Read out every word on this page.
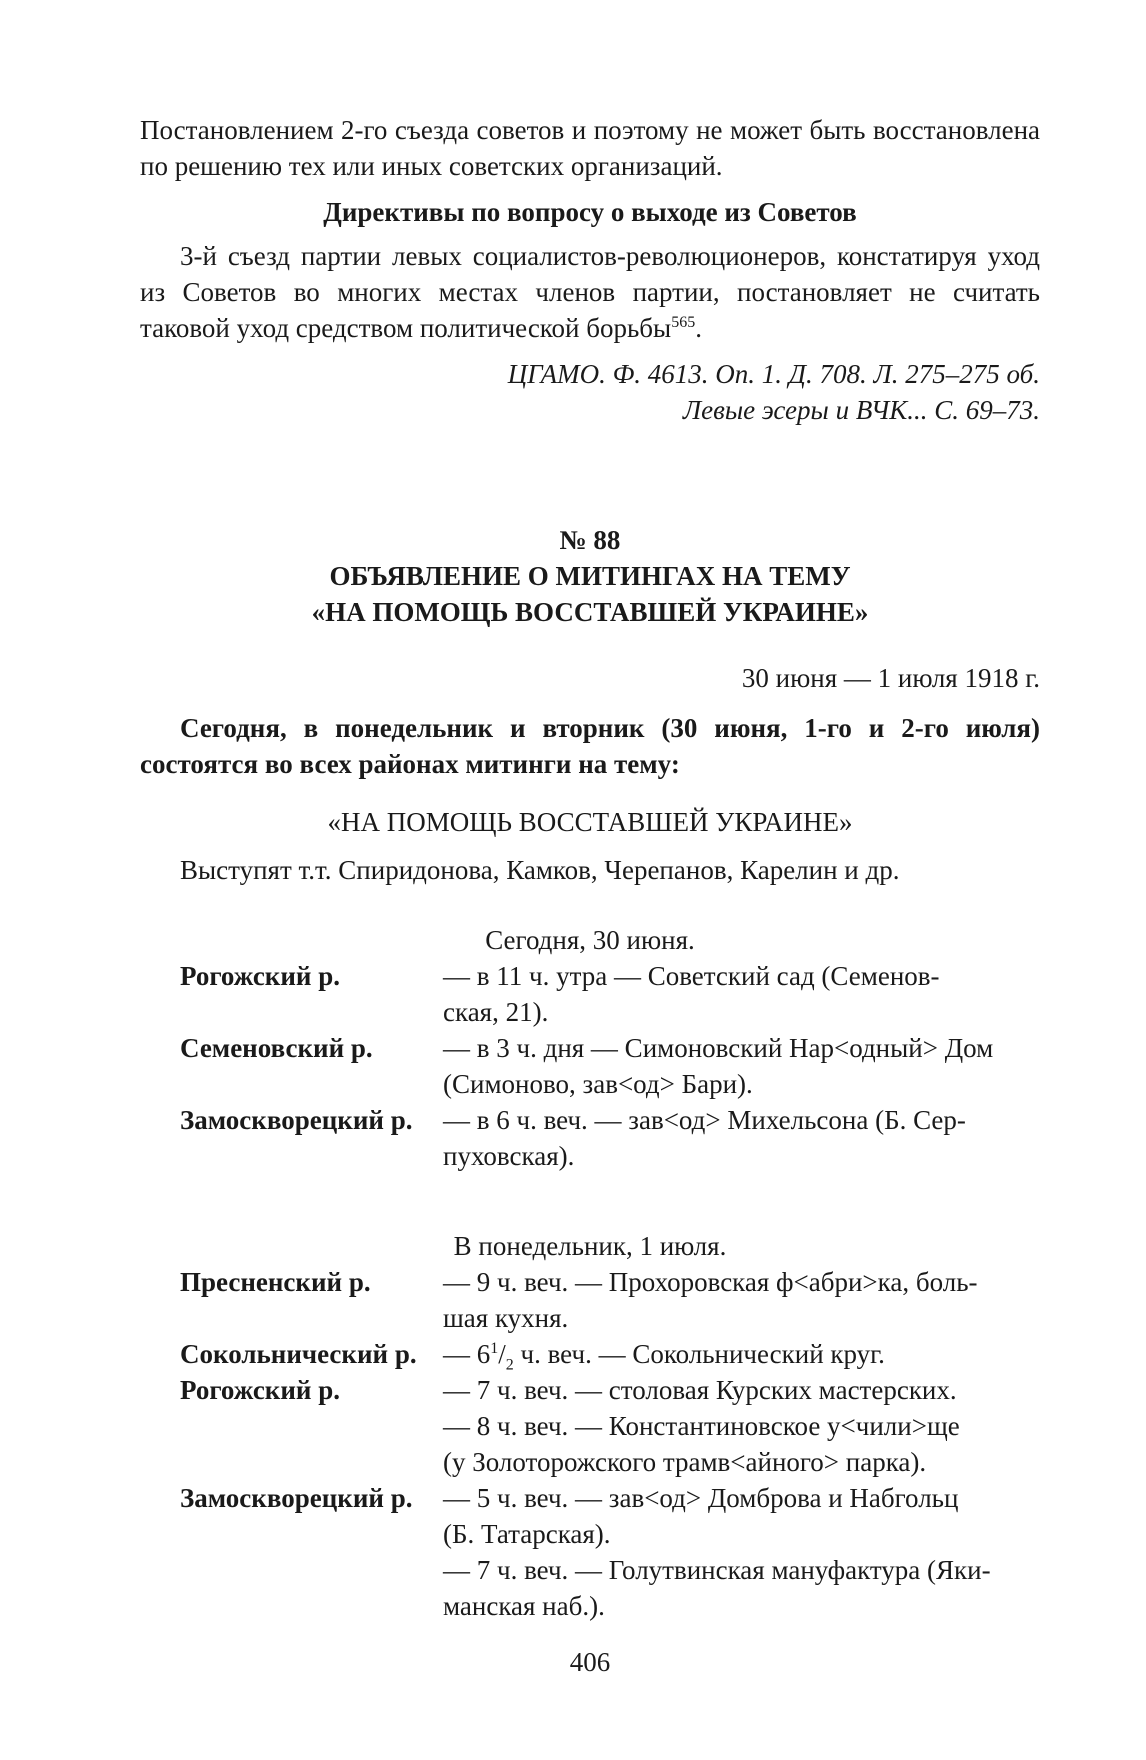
Постановлением 2-го съезда советов и поэтому не может быть восстановлена по решению тех или иных советских организаций.

Директивы по вопросу о выходе из Советов

3-й съезд партии левых социалистов-революционеров, констатируя уход из Советов во многих местах членов партии, постановляет не считать таковой уход средством политической борьбы$^{565}$.

ЦГАМО. Ф. 4613. Оп. 1. Д. 708. Л. 275–275 об.

Левые эсеры и ВЧК... С. 69–73.

№ 88

ОБЪЯВЛЕНИЕ О МИТИНГАХ НА ТЕМУ

«НА ПОМОЩЬ ВОССТАВШЕЙ УКРАИНЕ»

30 июня — 1 июля 1918 г.

Сегодня, в понедельник и вторник (30 июня, 1-го и 2-го июля) состоятся во всех районах митинги на тему:

«НА ПОМОЩЬ ВОССТАВШЕЙ УКРАИНЕ»

Выступят т.т. Спиридонова, Камков, Черепанов, Карелин и др.

Сегодня, 30 июня.

Рогожский р.	— в 11 ч. утра — Советский сад (Семенов-
ская, 21).
Семеновский р.	— в 3 ч. дня — Симоновский Нар<одный> Дом
(Симоново, зав<од> Бари).
Замоскворецкий р.	— в 6 ч. веч. — зав<од> Михельсона (Б. Сер-
пуховская).

В понедельник, 1 июля.

Пресненский р.	— 9 ч. веч. — Прохоровская ф<абри>ка, боль-
шая кухня.
Сокольнический р. — $6^1/_2$ ч. веч. — Сокольнический круг.
Рогожский р.	— 7 ч. веч. — столовая Курских мастерских.
— 8 ч. веч. — Константиновское у<чили>ще
(у Золоторожского трамв<айного> парка).
Замоскворецкий р.	— 5 ч. веч. — зав<од> Домброва и Набгольц
(Б. Татарская).
— 7 ч. веч. — Голутвинская мануфактура (Яки-
манская наб.).

406
